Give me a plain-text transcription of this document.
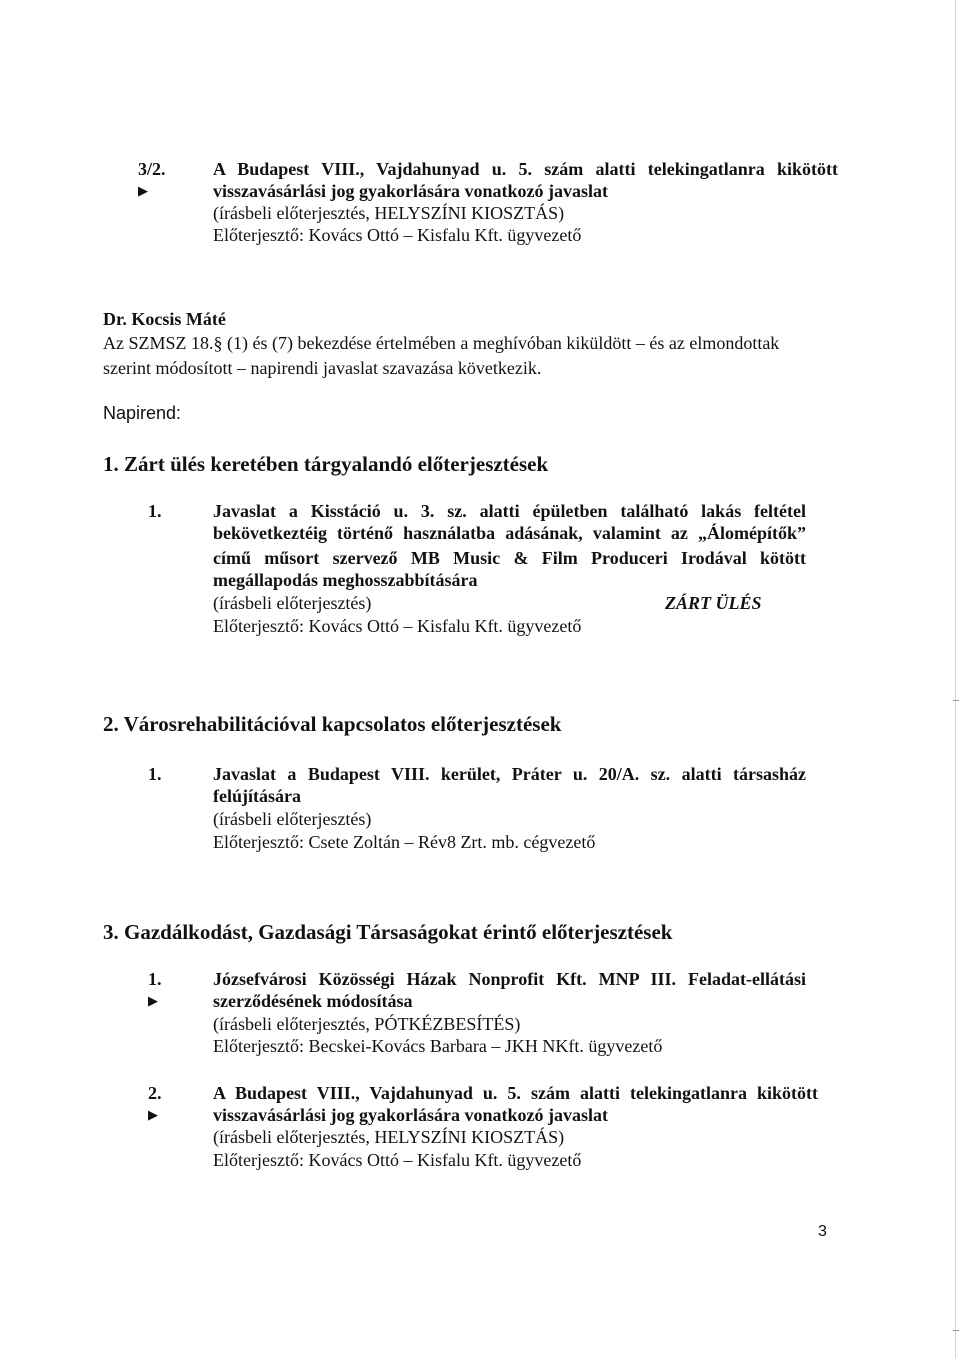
3/2.	A Budapest VIII., Vajdahunyad u. 5. szám alatti telekingatlanra kikötött
▶	visszavásárlási jog gyakorlására vonatkozó javaslat
(írásbeli előterjesztés, HELYSZÍNI KIOSZTÁS)
Előterjesztő: Kovács Ottó – Kisfalu Kft. ügyvezető
Dr. Kocsis Máté
Az SZMSZ 18.§ (1) és (7) bekezdése értelmében a meghívóban kiküldött – és az elmondottak
szerint módosított – napirendi javaslat szavazása következik.
Napirend:
1. Zárt ülés keretében tárgyalandó előterjesztések
1.	Javaslat a Kisstáció u. 3. sz. alatti épületben található lakás feltétel
bekövetkeztéig történő használatba adásának, valamint az „Álomépítők”
című műsort szervező MB Music & Film Produceri Irodával kötött
megállapodás meghosszabbítására
(írásbeli előterjesztés)	ZÁRT ÜLÉS
Előterjesztő: Kovács Ottó – Kisfalu Kft. ügyvezető
2. Városrehabilitációval kapcsolatos előterjesztések
1.	Javaslat a Budapest VIII. kerület, Práter u. 20/A. sz. alatti társasház
felújítására
(írásbeli előterjesztés)
Előterjesztő: Csete Zoltán – Rév8 Zrt. mb. cégvezető
3. Gazdálkodást, Gazdasági Társaságokat érintő előterjesztések
1.	Józsefvárosi Közösségi Házak Nonprofit Kft. MNP III. Feladat-ellátási
▶	szerződésének módosítása
(írásbeli előterjesztés, PÓTKÉZBESÍTÉS)
Előterjesztő: Becskei-Kovács Barbara – JKH NKft. ügyvezető
2.	A Budapest VIII., Vajdahunyad u. 5. szám alatti telekingatlanra kikötött
▶	visszavásárlási jog gyakorlására vonatkozó javaslat
(írásbeli előterjesztés, HELYSZÍNI KIOSZTÁS)
Előterjesztő: Kovács Ottó – Kisfalu Kft. ügyvezető
3
